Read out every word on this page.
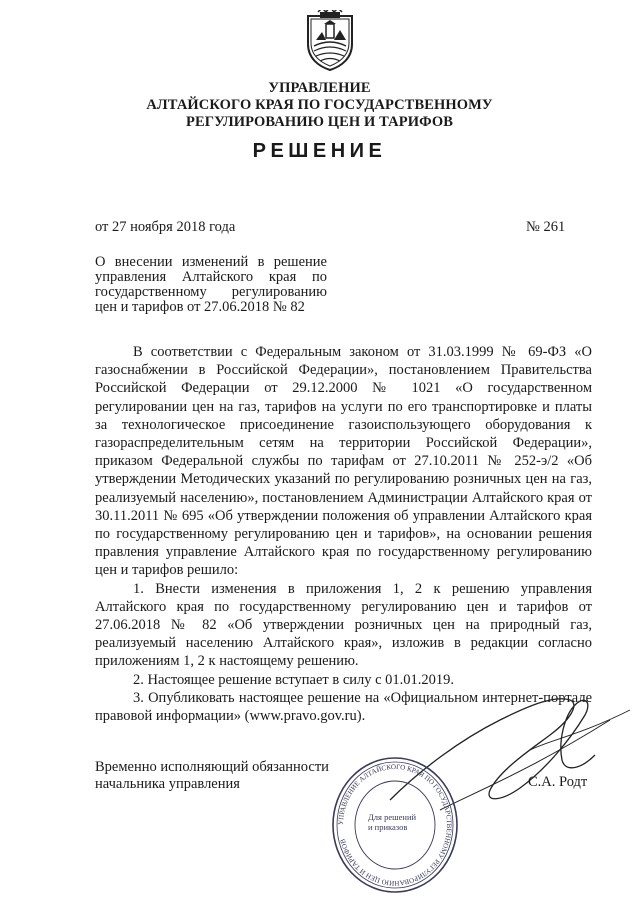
УПРАВЛЕНИЕ
АЛТАЙСКОГО КРАЯ ПО ГОСУДАРСТВЕННОМУ
РЕГУЛИРОВАНИЮ ЦЕН И ТАРИФОВ
РЕШЕНИЕ
от 27 ноября 2018 года	№ 261
О внесении изменений в решение
управления Алтайского края по
государственному регулированию
цен и тарифов от 27.06.2018 № 82

В соответствии с Федеральным законом от 31.03.1999 № 69-ФЗ «О газоснабжении в Российской Федерации», постановлением Правительства Российской Федерации от 29.12.2000 № 1021 «О государственном регулировании цен на газ, тарифов на услуги по его транспортировке и платы за технологическое присоединение газоиспользующего оборудования к газораспределительным сетям на территории Российской Федерации», приказом Федеральной службы по тарифам от 27.10.2011 № 252-э/2 «Об утверждении Методических указаний по регулированию розничных цен на газ, реализуемый населению», постановлением Администрации Алтайского края от 30.11.2011 № 695 «Об утверждении положения об управлении Алтайского края по государственному регулированию цен и тарифов», на основании решения правления управление Алтайского края по государственному регулированию цен и тарифов решило:

1. Внести изменения в приложения 1, 2 к решению управления Алтайского края по государственному регулированию цен и тарифов от 27.06.2018 № 82 «Об утверждении розничных цен на природный газ, реализуемый населению Алтайского края», изложив в редакции согласно приложениям 1, 2 к настоящему решению.

2. Настоящее решение вступает в силу с 01.01.2019.

3. Опубликовать настоящее решение на «Официальном интернет-портале правовой информации» (www.pravo.gov.ru).

УПРАВЛЕНИЕ АЛТАЙСКОГО КРАЯ ПО ГОСУДАРСТВЕННОМУ РЕГУЛИРОВАНИЮ ЦЕН И ТАРИФОВ
Для решений
и приказов
Временно исполняющий обязанности
начальника управления	С.А. Родт
